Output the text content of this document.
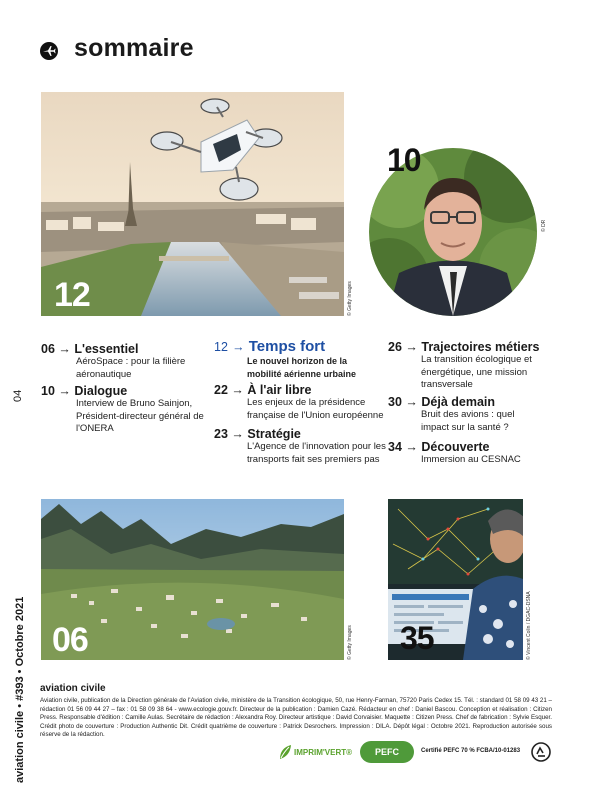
sommaire
12	© Getty Images
10
© DR
06 → L'essentiel
AéroSpace : pour la filière aéronautique
10 → Dialogue
Interview de Bruno Sainjon, Président-directeur général de l'ONERA
12 → Temps fort
Le nouvel horizon de la mobilité aérienne urbaine
22 → À l'air libre
Les enjeux de la présidence française de l'Union européenne
23 → Stratégie
L'Agence de l'innovation pour les transports fait ses premiers pas
26 → Trajectoires métiers
La transition écologique et énergétique, une mission transversale
30 → Déjà demain
Bruit des avions : quel impact sur la santé ?
34 → Découverte
Immersion au CESNAC
06	© Getty Images 35	© Vincent Colin / DGAC-DSNA
04
aviation civile • #393 • Octobre 2021
aviation civile
Aviation civile, publication de la Direction générale de l'Aviation civile, ministère de la Transition écologique, 50, rue Henry-Farman, 75720 Paris Cedex 15. Tél. : standard 01 58 09 43 21 – rédaction 01 56 09 44 27 – fax : 01 58 09 38 64 - www.ecologie.gouv.fr. Directeur de la publication : Damien Cazé. Rédacteur en chef : Daniel Bascou. Conception et réalisation : Citizen Press. Responsable d'édition : Camille Aulas. Secrétaire de rédaction : Alexandra Roy. Directeur artistique : David Corvaisier. Maquette : Citizen Press. Chef de fabrication : Sylvie Esquer. Crédit photo de couverture : Production Authentic Dit. Crédit quatrième de couverture : Patrick Desrochers. Impression : DILA. Dépôt légal : Octobre 2021. Reproduction autorisée sous réserve de la rédaction.
IMPRIM'VERT®	PEFC	Certifié PEFC 70 % FCBA/10-01283
